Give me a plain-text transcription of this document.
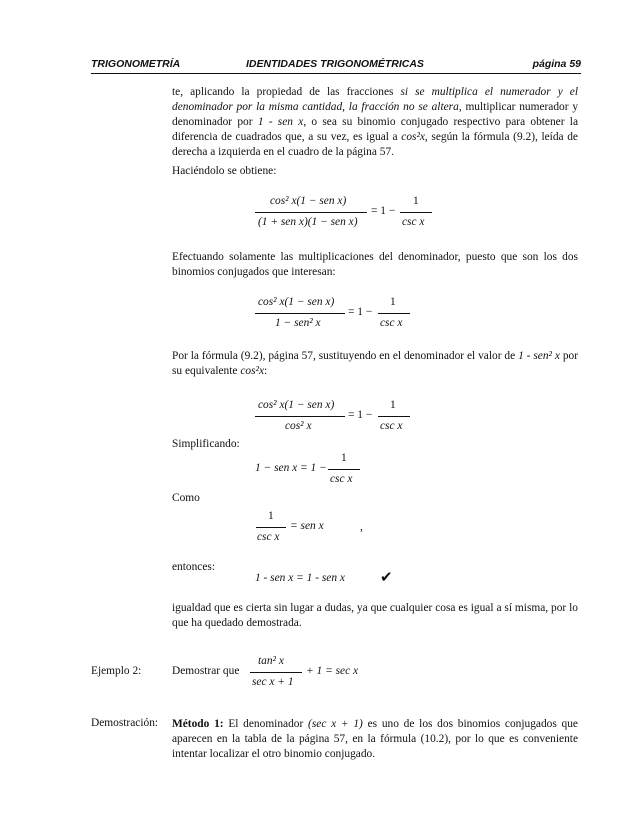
TRIGONOMETRÍA	IDENTIDADES TRIGONOMÉTRICAS	página 59

te, aplicando la propiedad de las fracciones si se multiplica el numerador y el denominador por la misma cantidad, la fracción no se altera, multiplicar numerador y denominador por 1 - sen x, o sea su binomio conjugado respectivo para obtener la diferencia de cuadrados que, a su vez, es igual a cos²x, según la fórmula (9.2), leída de derecha a izquierda en el cuadro de la página 57.

Haciéndolo se obtiene:

cos² x(1 − sen x)
(1 + sen x)(1 − sen x)
= 1 −
1
csc x

Efectuando solamente las multiplicaciones del denominador, puesto que son los dos binomios conjugados que interesan:

cos² x(1 − sen x)
1 − sen² x
= 1 −
1
csc x

Por la fórmula (9.2), página 57, sustituyendo en el denominador el valor de 1 - sen² x por su equivalente cos²x:

cos² x(1 − sen x)
cos² x
= 1 −
1
csc x

Simplificando:

1 − sen x = 1 −
1
csc x

Como

1
csc x
= sen x	,

entonces:

1 - sen x = 1 - sen x ✔

igualdad que es cierta sin lugar a dudas, ya que cualquier cosa es igual a sí misma, por lo que ha quedado demostrada.

Ejemplo 2:	Demostrar que
tan² x
sec x + 1
+ 1 = sec x
Demostración: Método 1: El denominador (sec x + 1) es uno de los dos binomios conjugados que aparecen en la tabla de la página 57, en la fórmula (10.2), por lo que es conveniente intentar localizar el otro binomio conjugado.
